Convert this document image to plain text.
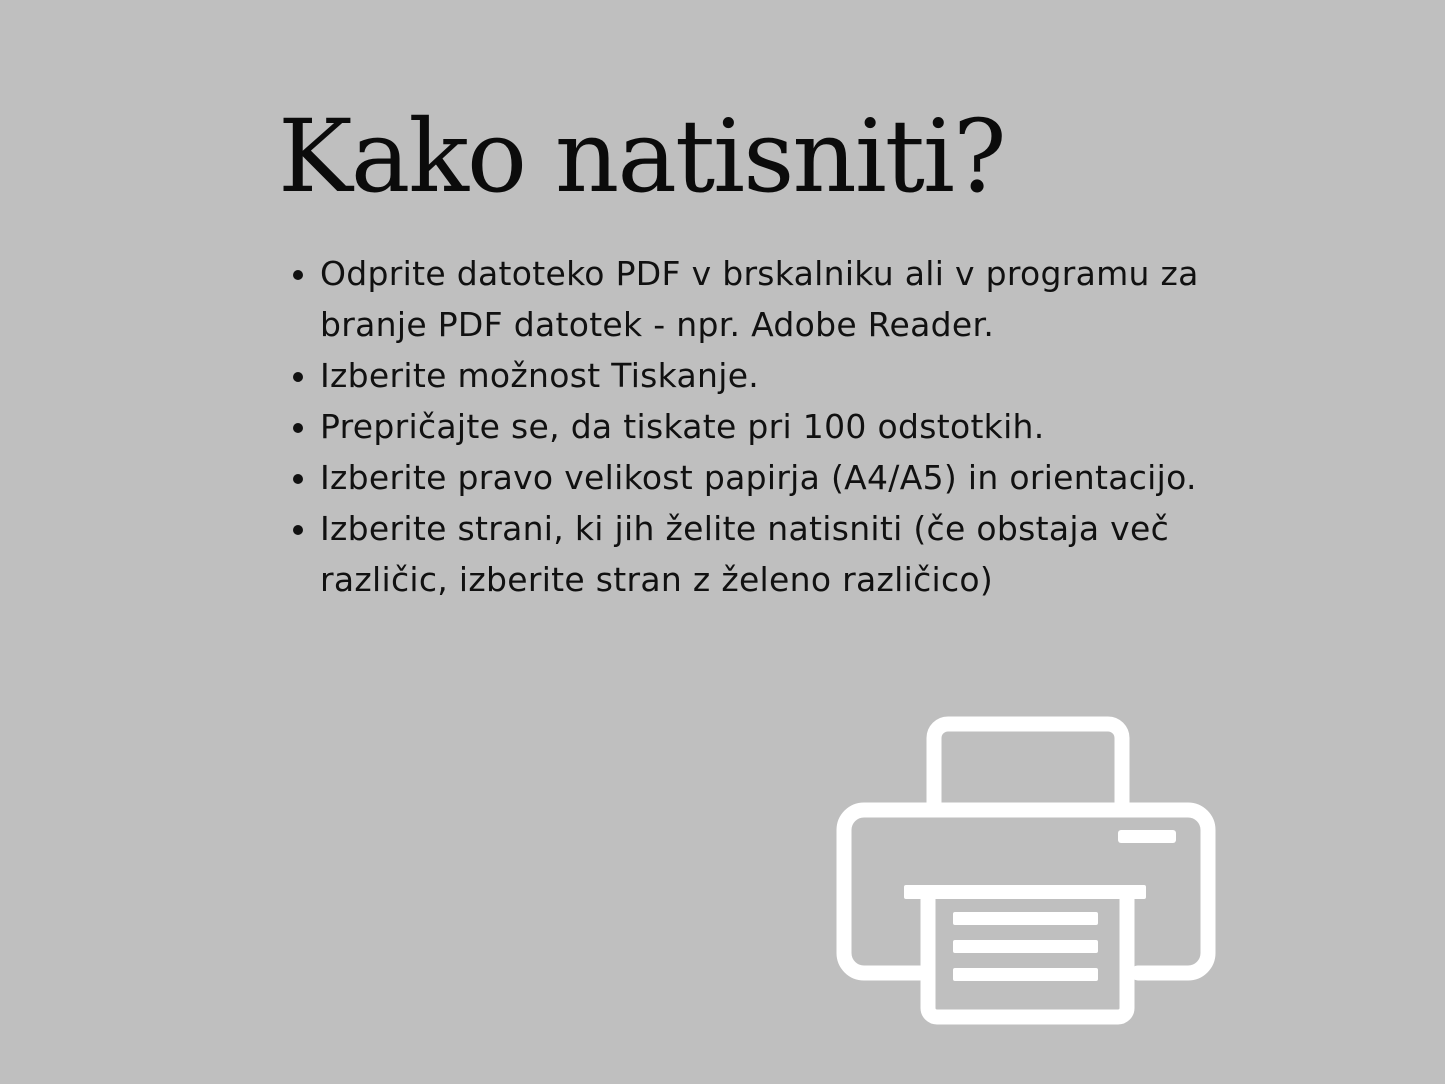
Kako natisniti?
Odprite datoteko PDF v brskalniku ali v programu za branje PDF datotek - npr. Adobe Reader.
Izberite možnost Tiskanje.
Prepričajte se, da tiskate pri 100 odstotkih.
Izberite pravo velikost papirja (A4/A5) in orientacijo.
Izberite strani, ki jih želite natisniti (če obstaja več različic, izberite stran z želeno različico)
